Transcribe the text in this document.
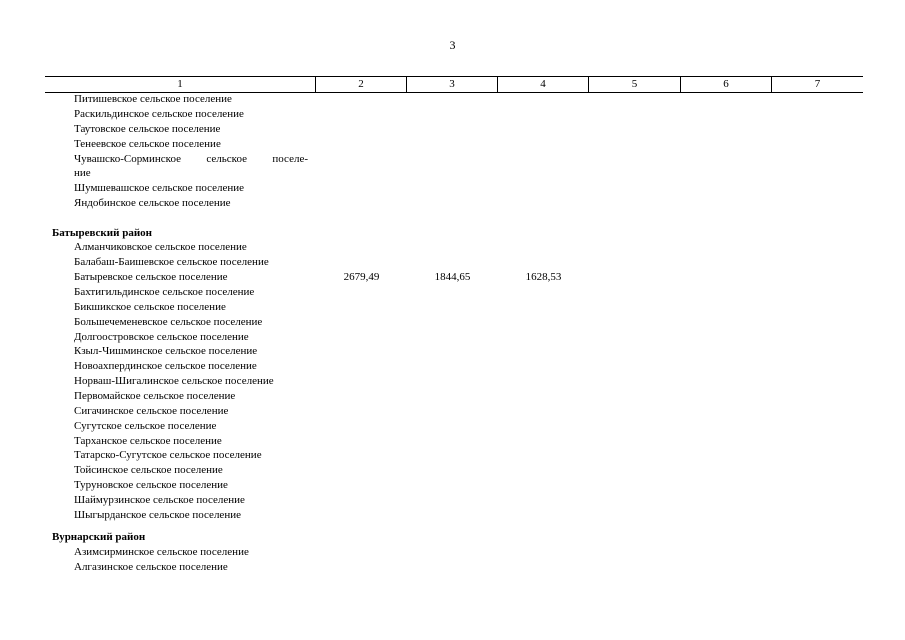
3
1	2	3	4	5	6	7
Питишевское сельское поселение
Раскильдинское сельское поселение
Таутовское сельское поселение
Тенеевское сельское поселение
Чувашско-Сорминское сельское поселе-
ние
Шумшевашское сельское поселение
Яндобинское сельское поселение
Батыревский район
Алманчиковское сельское поселение
Балабаш-Баишевское сельское поселение
Батыревское сельское поселение	2679,49	1844,65	1628,53
Бахтигильдинское сельское поселение
Бикшикское сельское поселение
Большечеменевское сельское поселение
Долгоостровское сельское поселение
Кзыл-Чишминское сельское поселение
Новоахпердинское сельское поселение
Норваш-Шигалинское сельское поселение
Первомайское сельское поселение
Сигачинское сельское поселение
Сугутское сельское поселение
Тарханское сельское поселение
Татарско-Сугутское сельское поселение
Тойсинское сельское поселение
Туруновское сельское поселение
Шаймурзинское сельское поселение
Шыгырданское сельское поселение
Вурнарский район
Азимсирминское сельское поселение
Алгазинское сельское поселение
